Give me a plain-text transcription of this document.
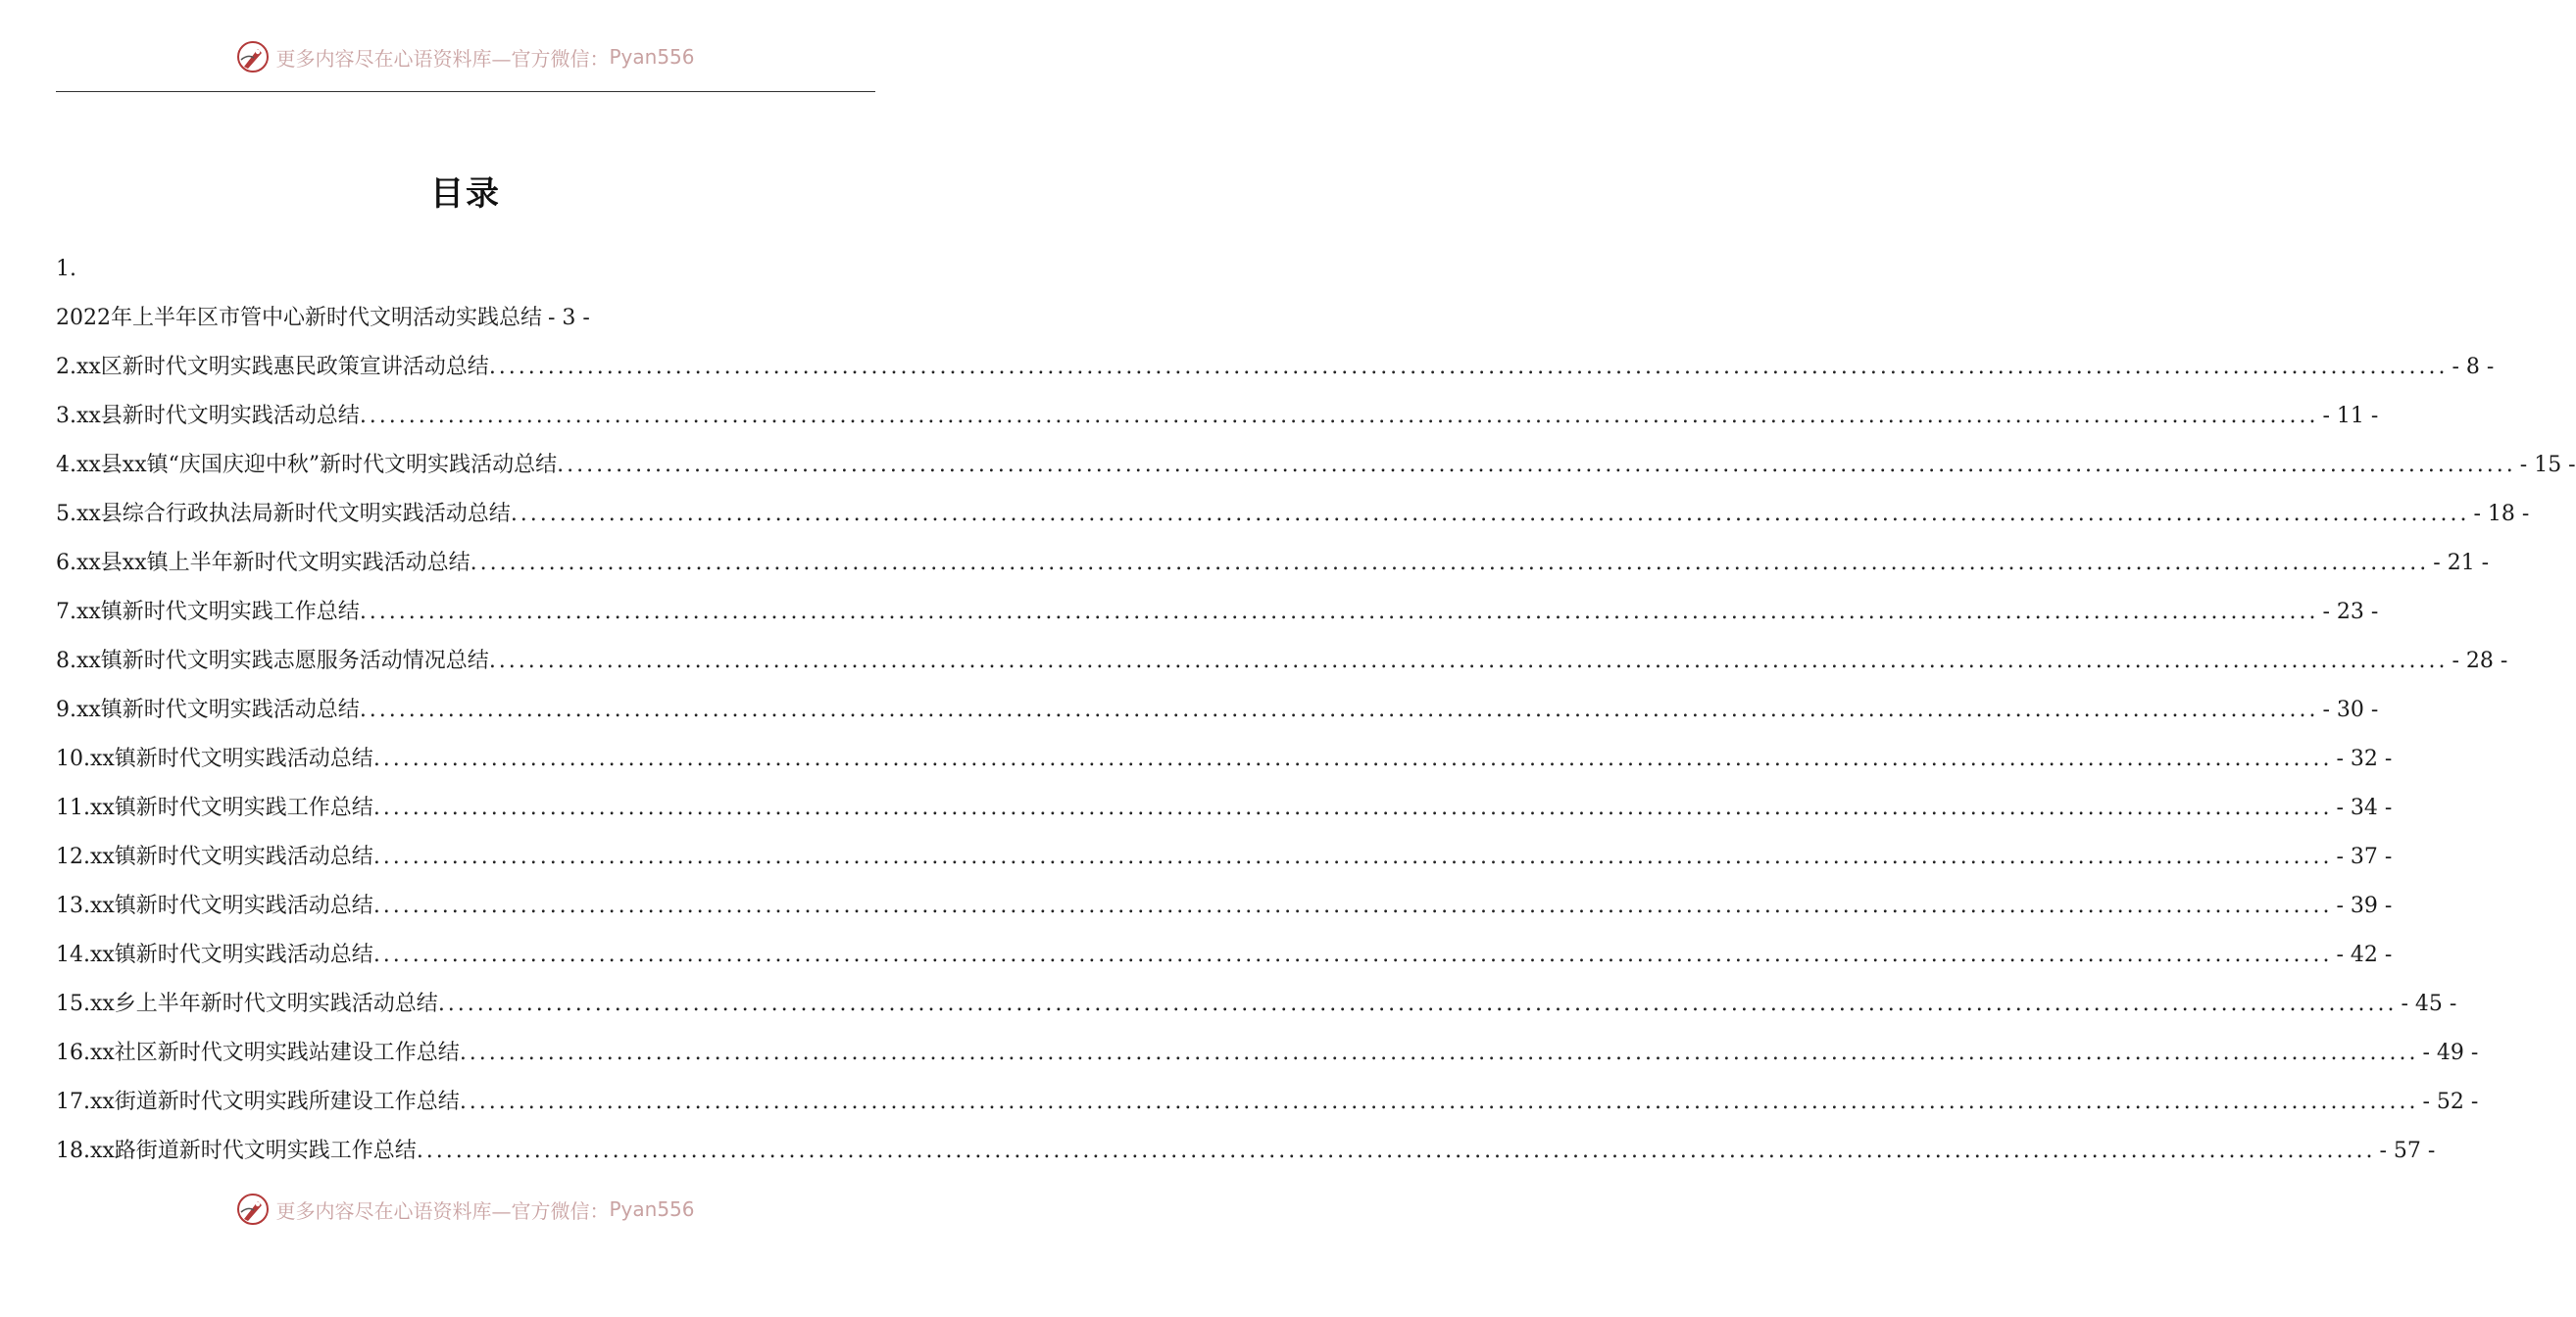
更多内容尽在心语资料库—官方微信： Pyan556
目录
1.
2022年上半年区市管中心新时代文明活动实践总结 - 3 -
2.xx区新时代文明实践惠民政策宣讲活动总结 ........................................................................................................................................................................................................ - 8 -
3.xx县新时代文明实践活动总结 ........................................................................................................................................................................................................ - 11 -
4.xx县xx镇“庆国庆迎中秋”新时代文明实践活动总结 ........................................................................................................................................................................................................ - 15 -
5.xx县综合行政执法局新时代文明实践活动总结 ........................................................................................................................................................................................................ - 18 -
6.xx县xx镇上半年新时代文明实践活动总结 ........................................................................................................................................................................................................ - 21 -
7.xx镇新时代文明实践工作总结 ........................................................................................................................................................................................................ - 23 -
8.xx镇新时代文明实践志愿服务活动情况总结 ........................................................................................................................................................................................................ - 28 -
9.xx镇新时代文明实践活动总结 ........................................................................................................................................................................................................ - 30 -
10.xx镇新时代文明实践活动总结 ........................................................................................................................................................................................................ - 32 -
11.xx镇新时代文明实践工作总结 ........................................................................................................................................................................................................ - 34 -
12.xx镇新时代文明实践活动总结 ........................................................................................................................................................................................................ - 37 -
13.xx镇新时代文明实践活动总结 ........................................................................................................................................................................................................ - 39 -
14.xx镇新时代文明实践活动总结 ........................................................................................................................................................................................................ - 42 -
15.xx乡上半年新时代文明实践活动总结 ........................................................................................................................................................................................................ - 45 -
16.xx社区新时代文明实践站建设工作总结 ........................................................................................................................................................................................................ - 49 -
17.xx街道新时代文明实践所建设工作总结 ........................................................................................................................................................................................................ - 52 -
18.xx路街道新时代文明实践工作总结 ........................................................................................................................................................................................................ - 57 -
更多内容尽在心语资料库—官方微信： Pyan556
